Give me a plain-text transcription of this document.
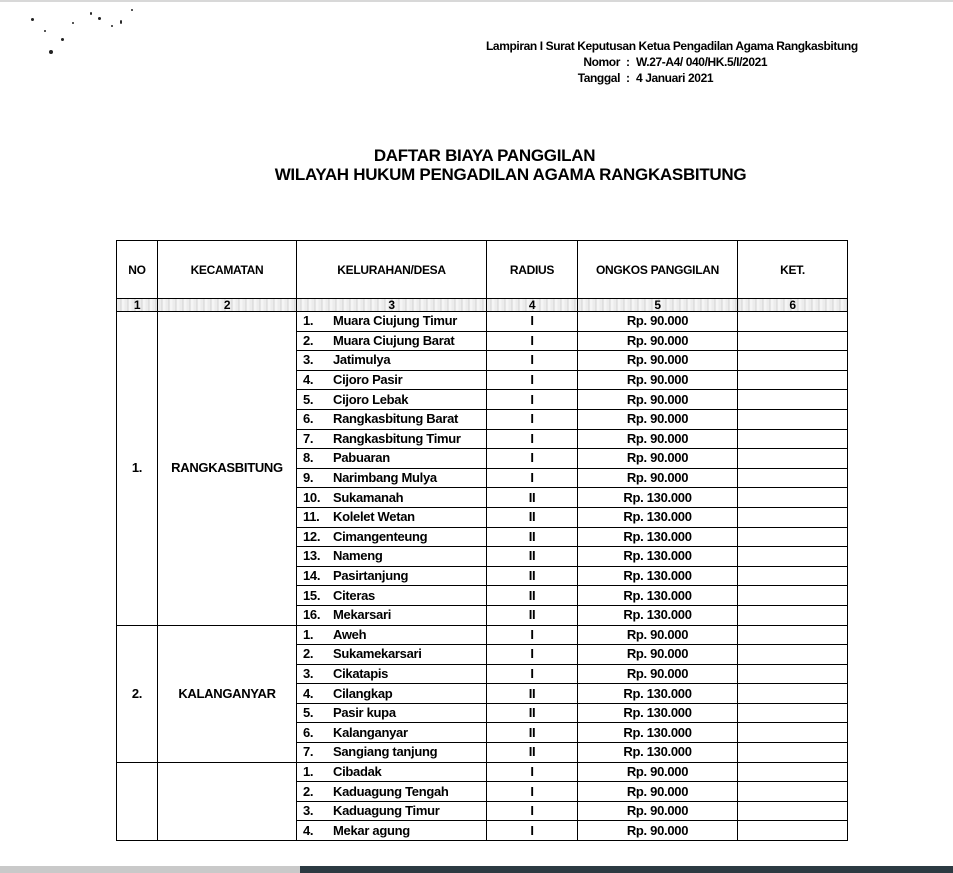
Lampiran I Surat Keputusan Ketua Pengadilan Agama Rangkasbitung
Nomor : W.27-A4/ 040/HK.5/I/2021
Tanggal : 4 Januari 2021
DAFTAR BIAYA PANGGILAN
WILAYAH HUKUM PENGADILAN AGAMA RANGKASBITUNG
NO	KECAMATAN	KELURAHAN/DESA	RADIUS	ONGKOS PANGGILAN	KET.
1	2	3	4	5	6
1.	RANGKASBITUNG	1. Muara Ciujung Timur	I	Rp. 90.000	
		2. Muara Ciujung Barat	I	Rp. 90.000	
		3. Jatimulya	I	Rp. 90.000	
		4. Cijoro Pasir	I	Rp. 90.000	
		5. Cijoro Lebak	I	Rp. 90.000	
		6. Rangkasbitung Barat	I	Rp. 90.000	
		7. Rangkasbitung Timur	I	Rp. 90.000	
		8. Pabuaran	I	Rp. 90.000	
		9. Narimbang Mulya	I	Rp. 90.000	
		10. Sukamanah	II	Rp. 130.000	
		11. Kolelet Wetan	II	Rp. 130.000	
		12. Cimangenteung	II	Rp. 130.000	
		13. Nameng	II	Rp. 130.000	
		14. Pasirtanjung	II	Rp. 130.000	
		15. Citeras	II	Rp. 130.000	
		16. Mekarsari	II	Rp. 130.000	
2.	KALANGANYAR	1. Aweh	I	Rp. 90.000	
		2. Sukamekarsari	I	Rp. 90.000	
		3. Cikatapis	I	Rp. 90.000	
		4. Cilangkap	II	Rp. 130.000	
		5. Pasir kupa	II	Rp. 130.000	
		6. Kalanganyar	II	Rp. 130.000	
		7. Sangiang tanjung	II	Rp. 130.000	
		1. Cibadak	I	Rp. 90.000	
		2. Kaduagung Tengah	I	Rp. 90.000	
		3. Kaduagung Timur	I	Rp. 90.000	
		4. Mekar agung	I	Rp. 90.000	
